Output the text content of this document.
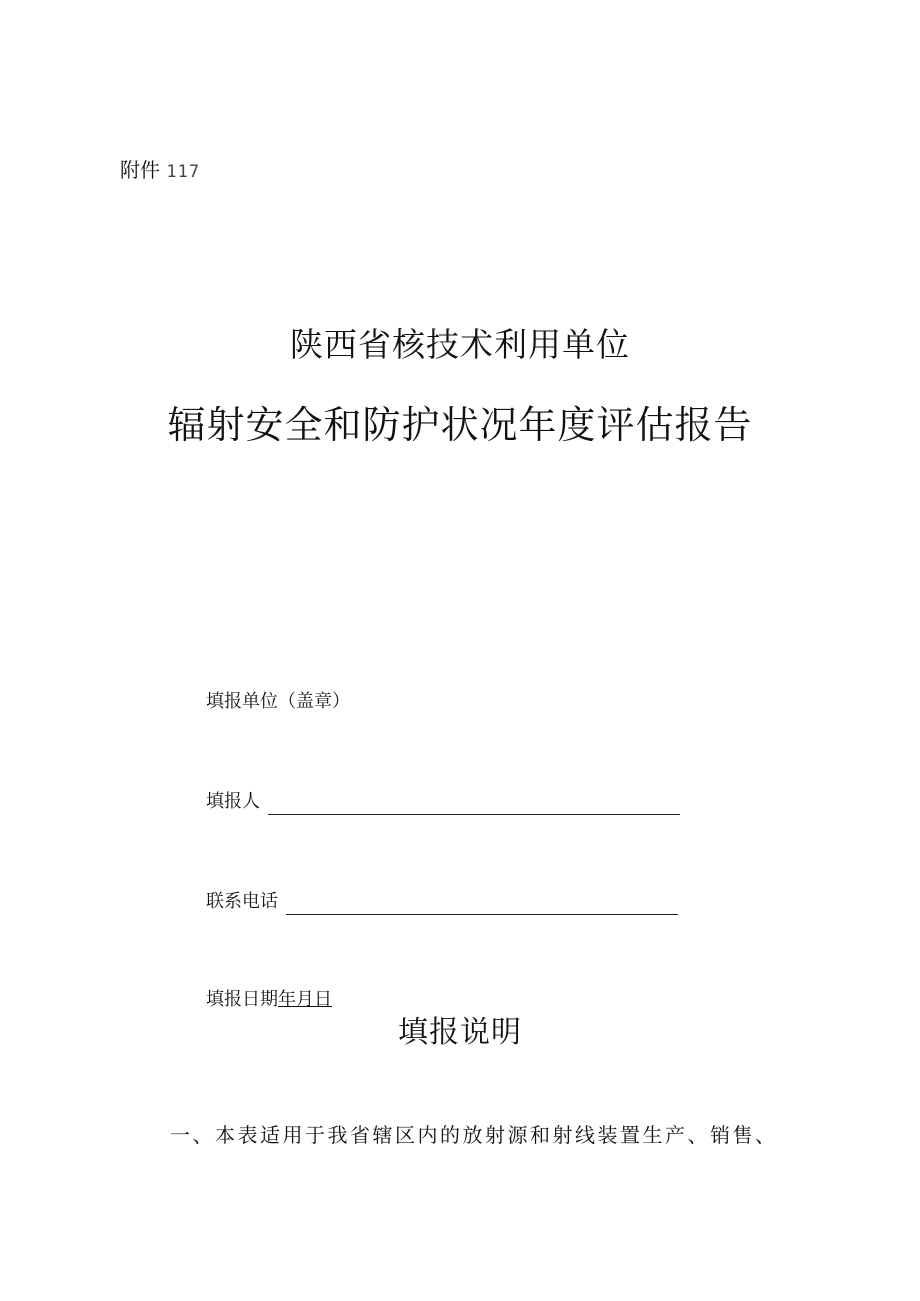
附件 117
陕西省核技术利用单位
辐射安全和防护状况年度评估报告
填报单位（盖章）
填报人
联系电话
填报日期年月日
填报说明
一、本表适用于我省辖区内的放射源和射线装置生产、销售、
